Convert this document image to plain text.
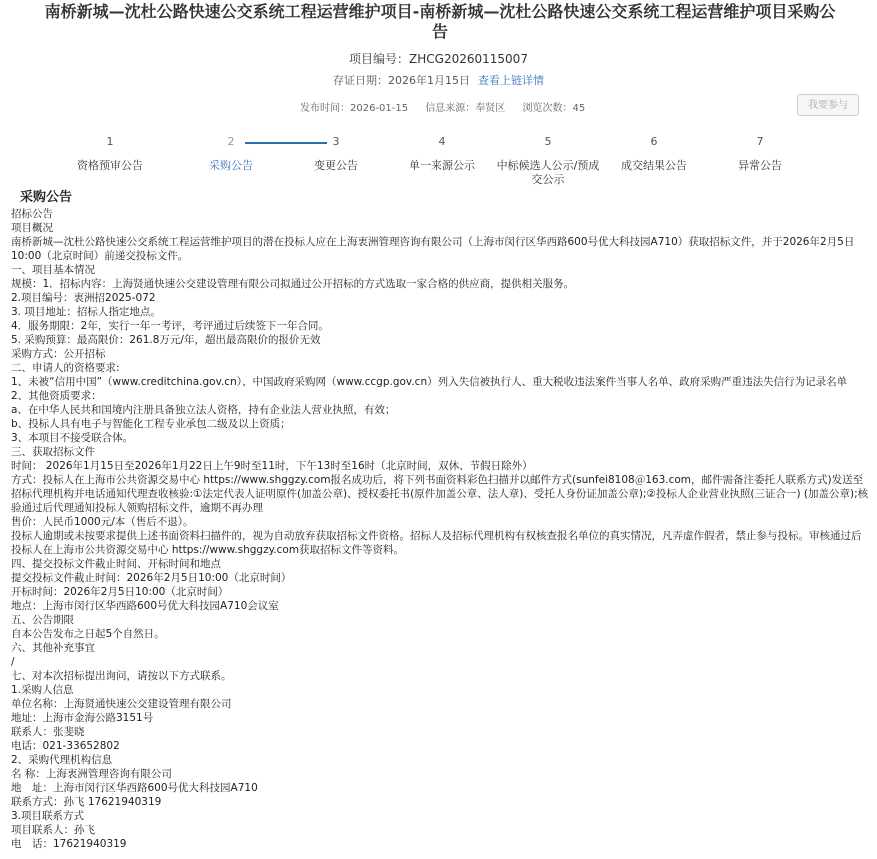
南桥新城—沈杜公路快速公交系统工程运营维护项目-南桥新城—沈杜公路快速公交系统工程运营维护项目采购公告
项目编号：ZHCG20260115007
存证日期：2026年1月15日 查看上链详情
发布时间：2026-01-15 信息来源：奉贤区 浏览次数：45	我要参与
1
资格预审公告
2
采购公告
3
变更公告
4
单一来源公示
5
中标候选人公示/预成交公示
6
成交结果公告
7
异常公告
采购公告
招标公告
项目概况
南桥新城—沈杜公路快速公交系统工程运营维护项目的潜在投标人应在上海衷洲管理咨询有限公司（上海市闵行区华西路600号优大科技园A710）获取招标文件，并于2026年2月5日10:00（北京时间）前递交投标文件。
一、项目基本情况
规模：1．招标内容：上海贤通快速公交建设管理有限公司拟通过公开招标的方式选取一家合格的供应商，提供相关服务。
2.项目编号：衷洲招2025-072
3. 项目地址：招标人指定地点。
4．服务期限：2年，实行一年一考评，考评通过后续签下一年合同。
5. 采购预算：最高限价：261.8万元/年，超出最高限价的报价无效
采购方式：公开招标
二、申请人的资格要求:
1、未被“信用中国”（www.creditchina.gov.cn）、中国政府采购网（www.ccgp.gov.cn）列入失信被执行人、重大税收违法案件当事人名单、政府采购严重违法失信行为记录名单
2、其他资质要求：
a、在中华人民共和国境内注册具备独立法人资格，持有企业法人营业执照，有效；
b、投标人具有电子与智能化工程专业承包二级及以上资质；
3、本项目不接受联合体。
三、获取招标文件
时间： 2026年1月15日至2026年1月22日上午9时至11时，下午13时至16时（北京时间，双休、节假日除外）
方式：投标人在上海市公共资源交易中心 https://www.shggzy.com报名成功后，将下列书面资料彩色扫描并以邮件方式(sunfei8108＠163.com，邮件需备注委托人联系方式)发送至招标代理机构并电话通知代理查收核验:①法定代表人证明原件(加盖公章)、授权委托书(原件加盖公章、法人章)、受托人身份证加盖公章);②投标人企业营业执照(三证合一) (加盖公章);核验通过后代理通知投标人领购招标文件，逾期不再办理
售价：人民币1000元/本（售后不退）。
投标人逾期或未按要求提供上述书面资料扫描件的，视为自动放弃获取招标文件资格。招标人及招标代理机构有权核查报名单位的真实情况，凡弄虚作假者，禁止参与投标。审核通过后投标人在上海市公共资源交易中心 https://www.shggzy.com获取招标文件等资料。
四、提交投标文件截止时间、开标时间和地点
提交投标文件截止时间：2026年2月5日10:00（北京时间）
开标时间：2026年2月5日10:00（北京时间）
地点：上海市闵行区华西路600号优大科技园A710会议室
五、公告期限
自本公告发布之日起5个自然日。
六、其他补充事宜
/
七、对本次招标提出询问，请按以下方式联系。
1.采购人信息
单位名称：上海贤通快速公交建设管理有限公司
地址：上海市金海公路3151号
联系人：张斐晓
电话：021-33652802
2、采购代理机构信息
名 称：上海衷洲管理咨询有限公司
地　址：上海市闵行区华西路600号优大科技园A710
联系方式：孙飞 17621940319
3.项目联系方式
项目联系人：孙飞
电　话：17621940319
